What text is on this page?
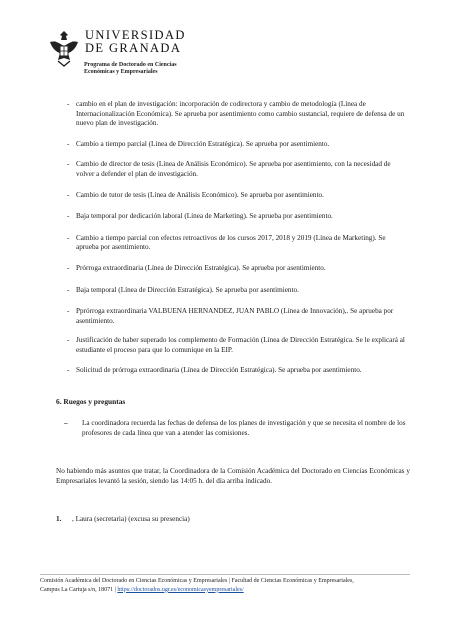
UNIVERSIDAD
DE GRANADA
Programa de Doctorado en Ciencias
Económicas y Empresariales
- cambio en el plan de investigación: incorporación de codirectora y cambio de metodología (Línea de Internacionalización Económica). Se aprueba por asentimiento como cambio sustancial, requiere de defensa de un nuevo plan de investigación.
- Cambio a tiempo parcial (Línea de Dirección Estratégica). Se aprueba por asentimiento.
- Cambio de director de tesis (Línea de Análisis Económico). Se aprueba por asentimiento, con la necesidad de volver a defender el plan de investigación.
- Cambio de tutor de tesis (Línea de Análisis Económico). Se aprueba por asentimiento.
- Baja temporal por dedicación laboral (Línea de Marketing). Se aprueba por asentimiento.
- Cambio a tiempo parcial con efectos retroactivos de los cursos 2017, 2018 y 2019 (Línea de Marketing). Se aprueba por asentimiento.
- Prórroga extraordinaria (Línea de Dirección Estratégica). Se aprueba por asentimiento.
- Baja temporal (Línea de Dirección Estratégica). Se aprueba por asentimiento.
- Pprórroga extraordinaria VALBUENA HERNANDEZ, JUAN PABLO (Línea de Innovación),. Se aprueba por asentimiento.
- Justificación de haber superado los complemento de Formación (Línea de Dirección Estratégica. Se le explicará al estudiante el proceso para que lo comunique en la EIP.
- Solicitud de prórroga extraordinaria (Línea de Dirección Estratégica). Se aprueba por asentimiento.
6. Ruegos y preguntas
– La coordinadora recuerda las fechas de defensa de los planes de investigación y que se necesita el nombre de los profesores de cada línea que van a atender las comisiones.
No habiendo más asuntos que tratar, la Coordinadora de la Comisión Académica del Doctorado en Ciencias Económicas y Empresariales levantó la sesión, siendo las 14:05 h. del día arriba indicado.
1. , Laura (secretaria) (excusa su presencia)
Comisión Académica del Doctorado en Ciencias Económicas y Empresariales | Facultad de Ciencias Económicas y Empresariales,
Campus La Cartuja s/n, 18071 | https://doctorados.ugr.es/economicasyempresariales/
